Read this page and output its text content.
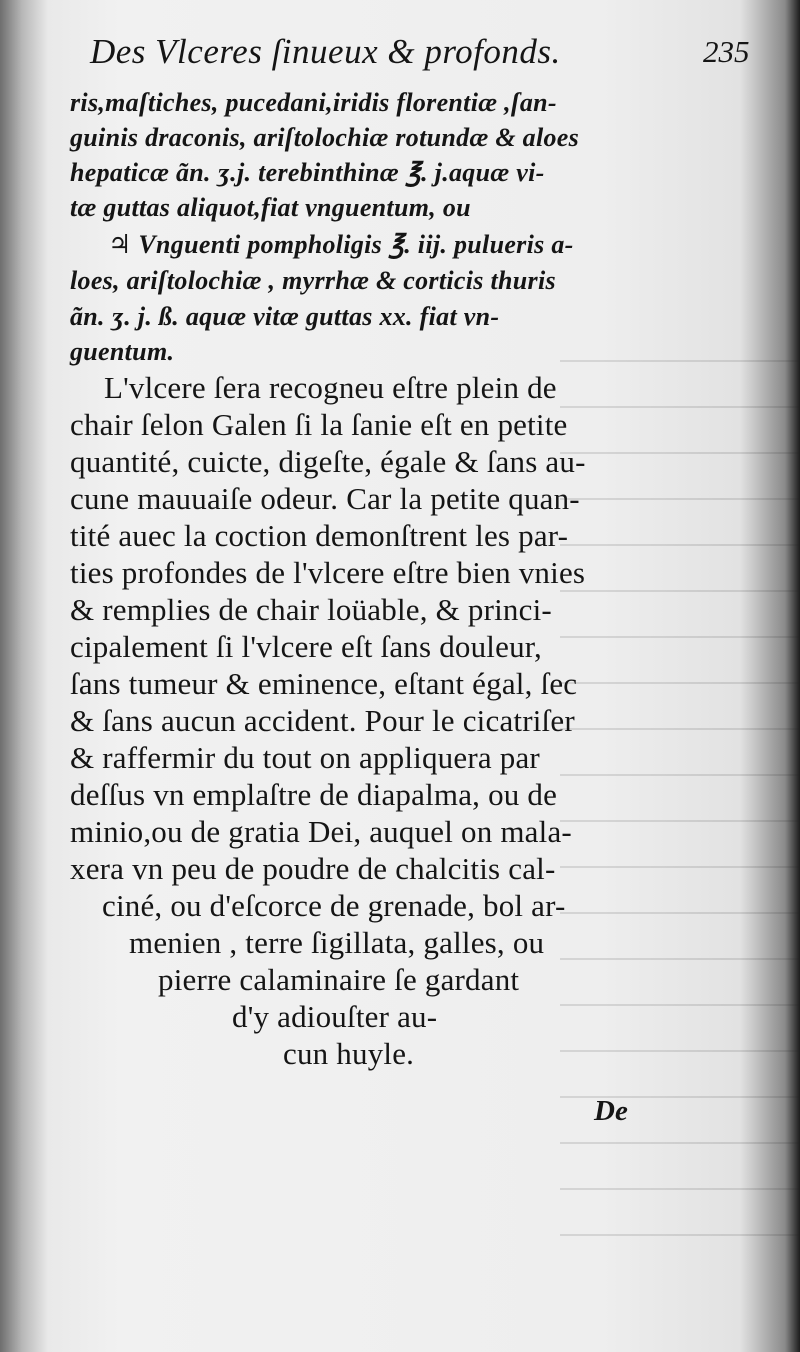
Des Vlceres ſinueux & profonds.	235

ris,maſtiches, pucedani,iridis florentiæ ,ſan-

guinis draconis, ariſtolochiæ rotundæ & aloes

hepaticæ ãn. ʒ.j. terebinthinæ ℥. j.aquæ vi-

tæ guttas aliquot,fiat vnguentum, ou

♃ Vnguenti pompholigis ℥. iij. pulueris a-

loes, ariſtolochiæ , myrrhæ & corticis thuris

ãn. ʒ. j. ß. aquæ vitæ guttas xx. fiat vn-

guentum.

L'vlcere ſera recogneu eſtre plein de

chair ſelon Galen ſi la ſanie eſt en petite

quantité, cuicte, digeſte, égale & ſans au-

cune mauuaiſe odeur. Car la petite quan-

tité auec la coction demonſtrent les par-

ties profondes de l'vlcere eſtre bien vnies

& remplies de chair loüable, & princi-

cipalement ſi l'vlcere eſt ſans douleur,

ſans tumeur & eminence, eſtant égal, ſec

& ſans aucun accident. Pour le cicatriſer

& raffermir du tout on appliquera par

deſſus vn emplaſtre de diapalma, ou de

minio,ou de gratia Dei, auquel on mala-

xera vn peu de poudre de chalcitis cal-

ciné, ou d'eſcorce de grenade, bol ar-

menien , terre ſigillata, galles, ou

pierre calaminaire ſe gardant

d'y adiouſter au-

cun huyle.

De
